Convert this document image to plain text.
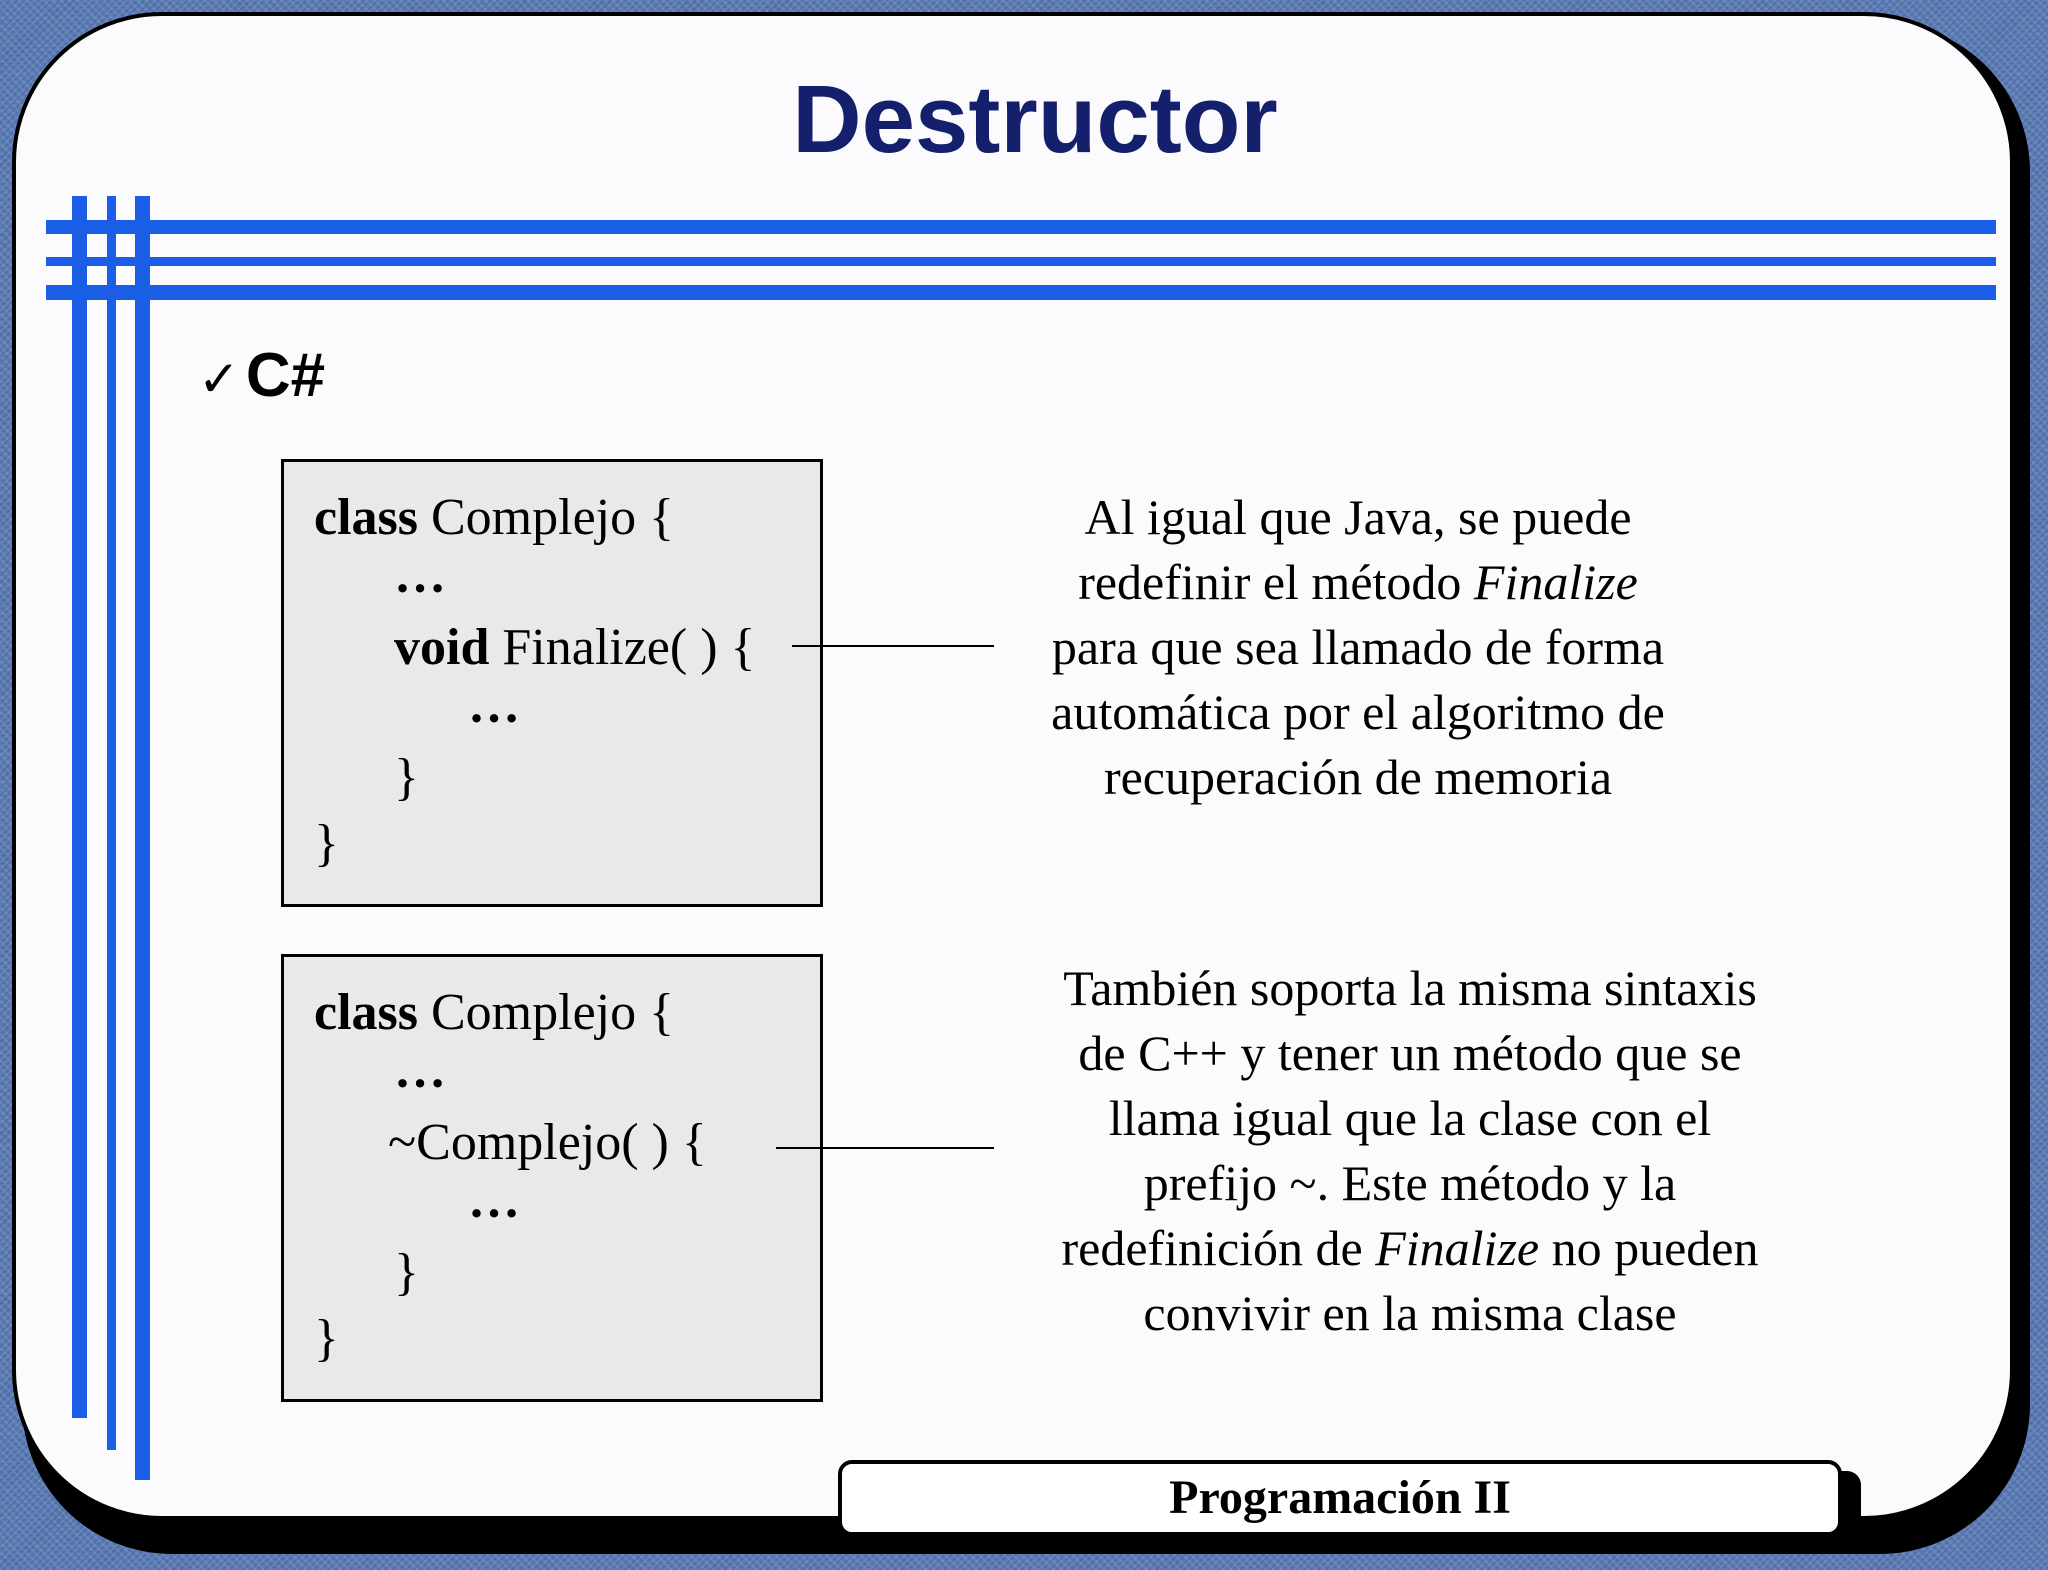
Destructor
✓C#
class Complejo {
…
void Finalize( ) {
…
}
}
Al igual que Java, se puede
redefinir el método Finalize
para que sea llamado de forma
automática por el algoritmo de
recuperación de memoria
class Complejo {
…
~Complejo( ) {
…
}
}
También soporta la misma sintaxis
de C++ y tener un método que se
llama igual que la clase con el
prefijo ~. Este método y la
redefinición de Finalize no pueden
convivir en la misma clase
Programación II
